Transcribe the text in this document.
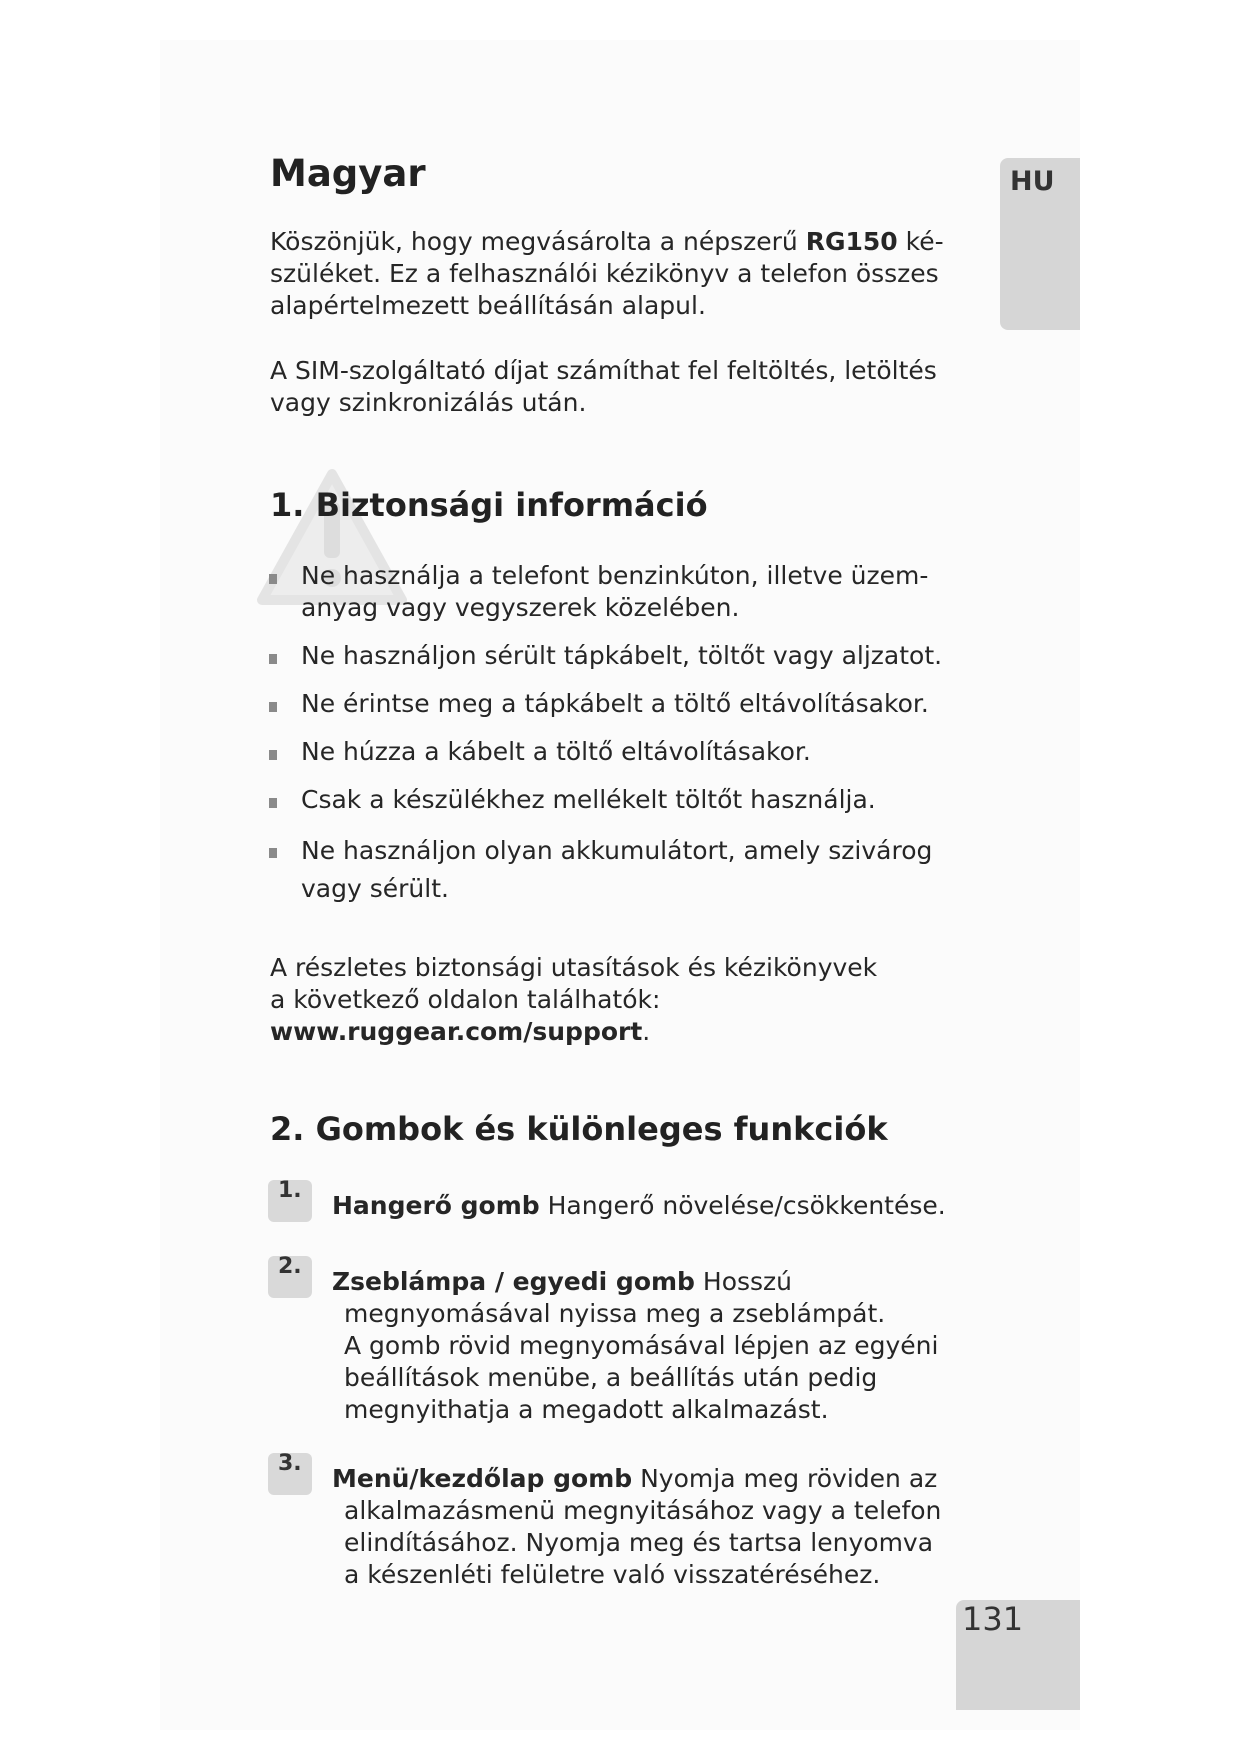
HU
Magyar

Köszönjük, hogy megvásárolta a népszerű RG150 ké-
szüléket. Ez a felhasználói kézikönyv a telefon összes
alapértelmezett beállításán alapul.

A SIM-szolgáltató díjat számíthat fel feltöltés, letöltés
vagy szinkronizálás után.

1. Biztonsági információ
Ne használja a telefont benzinkúton, illetve üzem-
anyag vagy vegyszerek közelében.
Ne használjon sérült tápkábelt, töltőt vagy aljzatot.
Ne érintse meg a tápkábelt a töltő eltávolításakor.
Ne húzza a kábelt a töltő eltávolításakor.
Csak a készülékhez mellékelt töltőt használja.
Ne használjon olyan akkumulátort, amely szivárog
vagy sérült.

A részletes biztonsági utasítások és kézikönyvek
a következő oldalon találhatók:
www.ruggear.com/support.

2. Gombok és különleges funkciók
1.
Hangerő gomb Hangerő növelése/csökkentése.
2.
Zseblámpa / egyedi gomb Hosszú
megnyomásával nyissa meg a zseblámpát.
A gomb rövid megnyomásával lépjen az egyéni
beállítások menübe, a beállítás után pedig
megnyithatja a megadott alkalmazást.
3.
Menü/kezdőlap gomb Nyomja meg röviden az
alkalmazásmenü megnyitásához vagy a telefon
elindításához. Nyomja meg és tartsa lenyomva
a készenléti felületre való visszatéréséhez.
131
